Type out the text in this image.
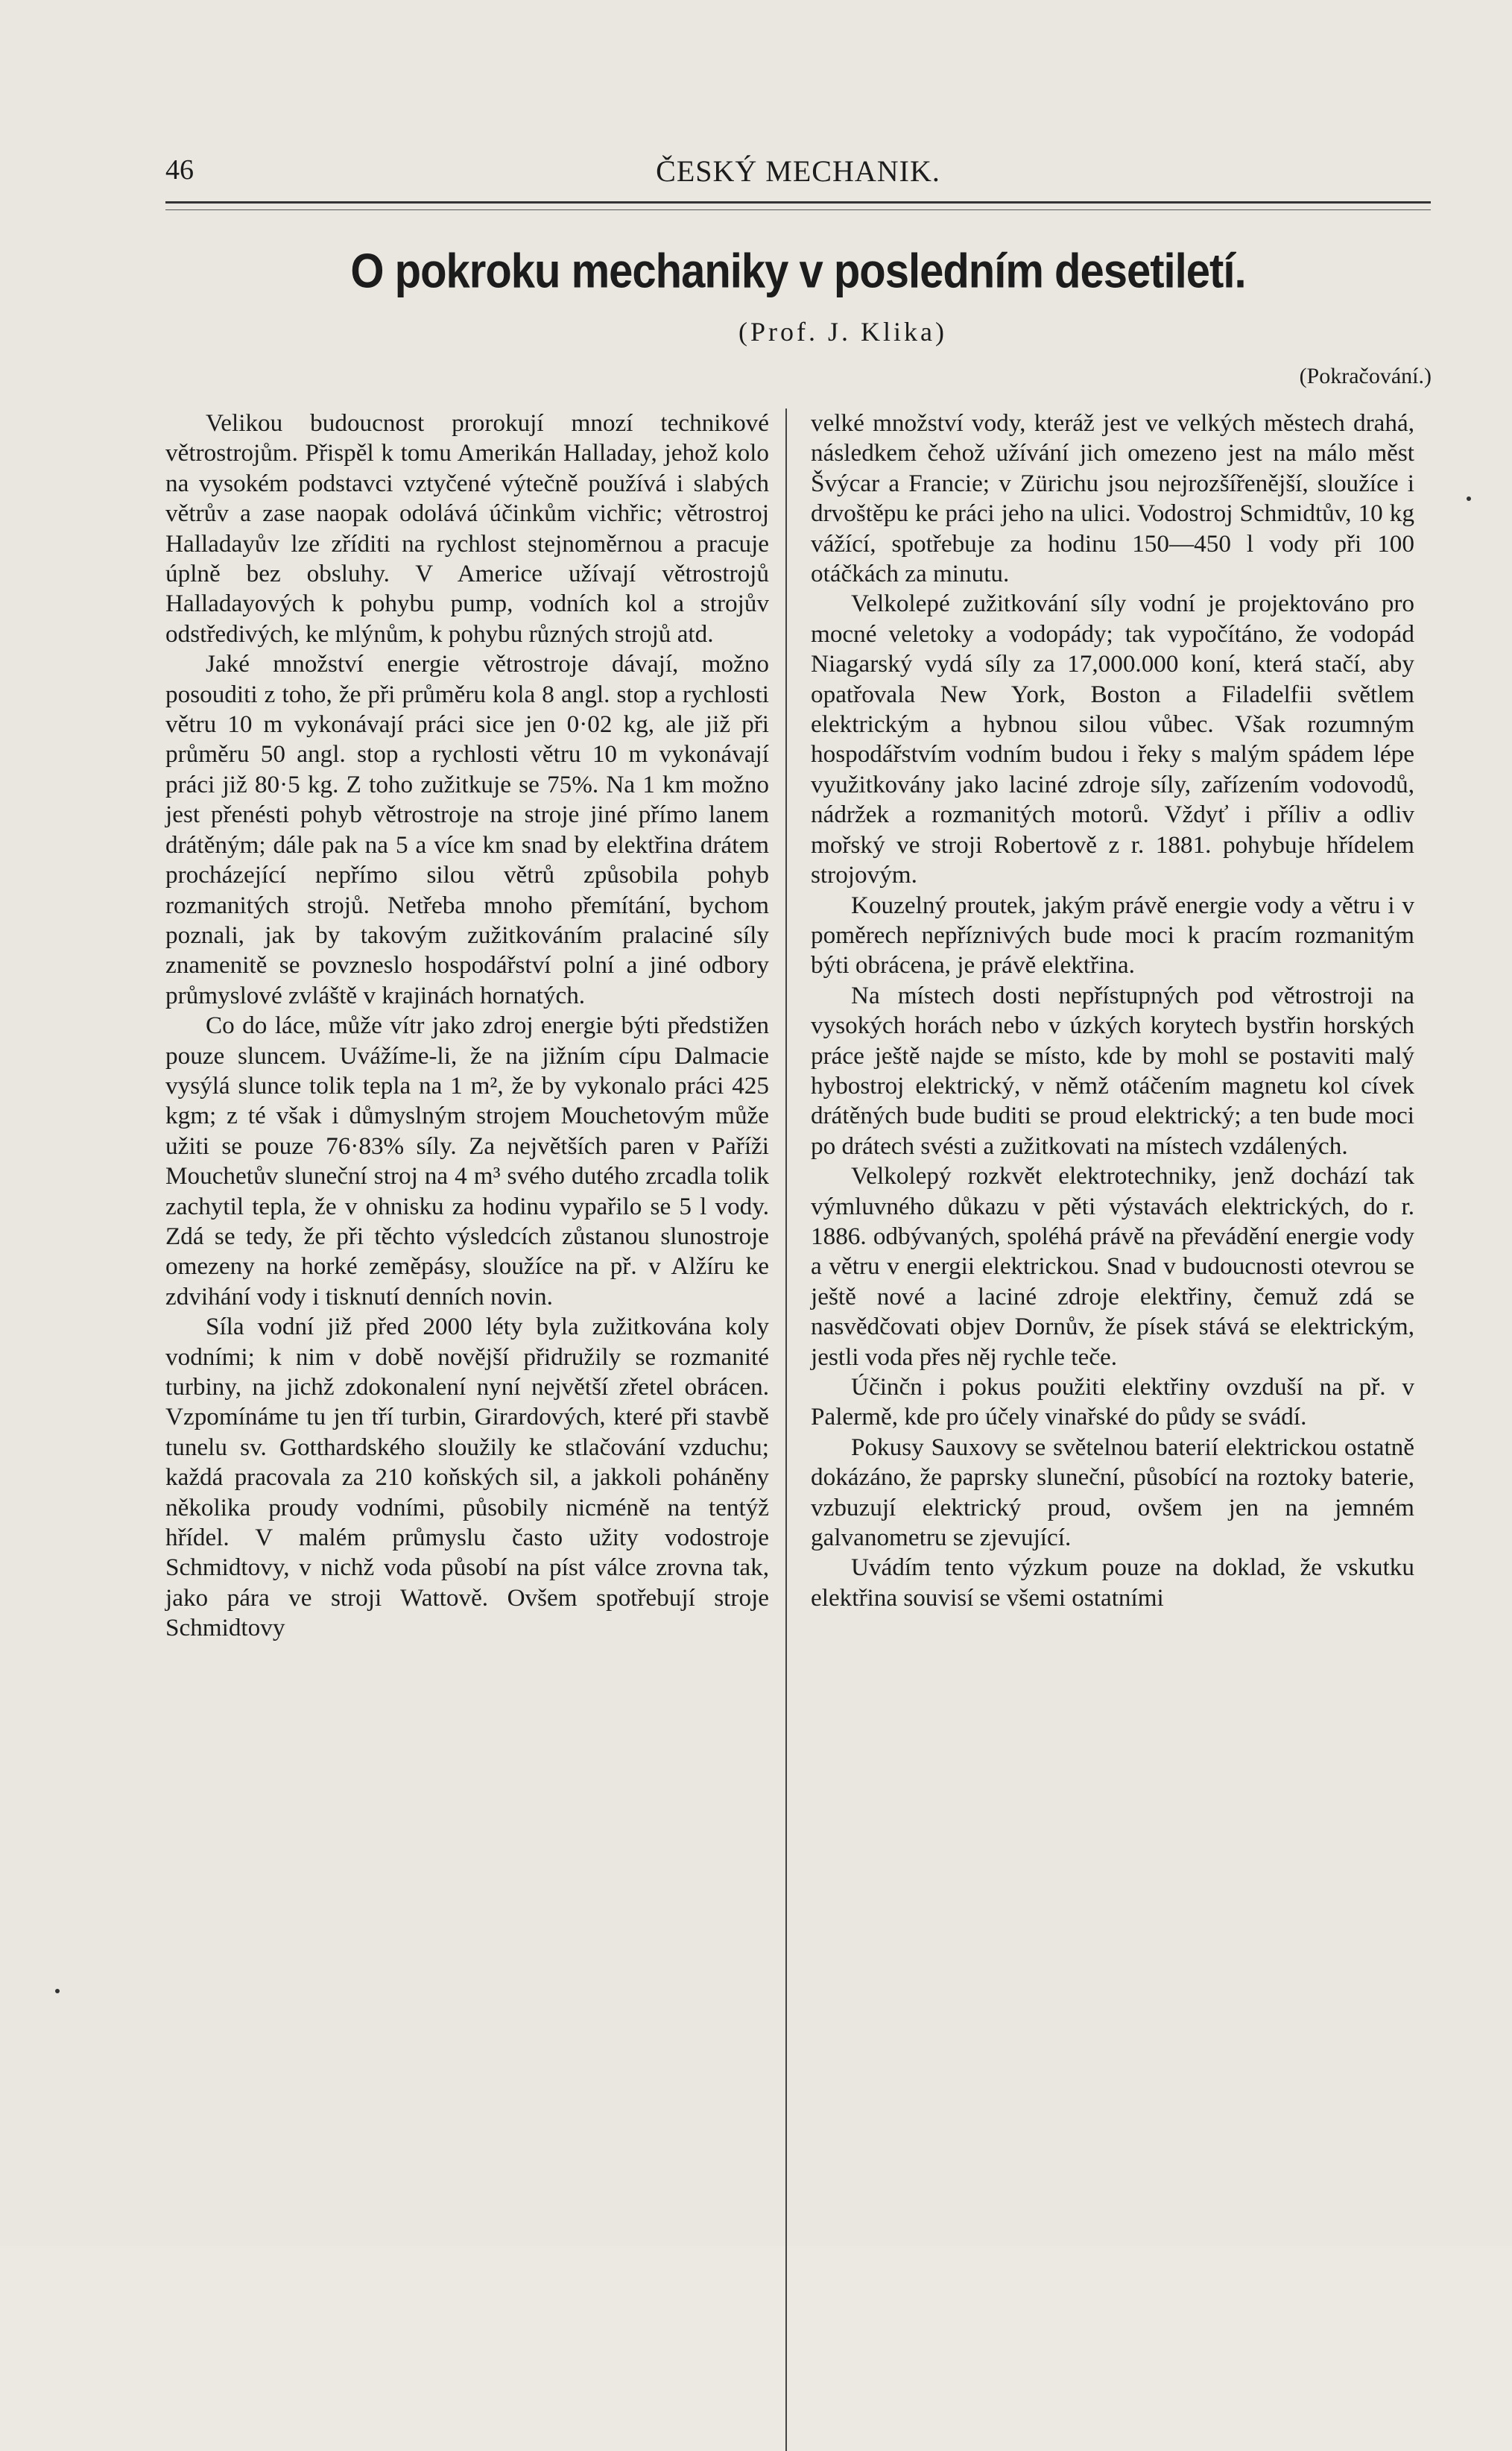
46	ČESKÝ MECHANIK.
O pokroku mechaniky v posledním desetiletí.
(Prof. J. Klika)
(Pokračování.)

Velikou budoucnost prorokují mnozí technikové větrostrojům. Přispěl k tomu Amerikán Halladay, jehož kolo na vysokém podstavci vztyčené výtečně používá i slabých větrův a zase naopak odolává účinkům vichřic; větrostroj Halladayův lze zříditi na rychlost stejnoměrnou a pracuje úplně bez obsluhy. V Americe užívají větrostrojů Halladayových k pohybu pump, vodních kol a strojův odstředivých, ke mlýnům, k pohybu různých strojů atd.

Jaké množství energie větrostroje dávají, možno posouditi z toho, že při průměru kola 8 angl. stop a rychlosti větru 10 m vykonávají práci sice jen 0·02 kg, ale již při průměru 50 angl. stop a rychlosti větru 10 m vykonávají práci již 80·5 kg. Z toho zužitkuje se 75%. Na 1 km možno jest přenésti pohyb větrostroje na stroje jiné přímo lanem drátěným; dále pak na 5 a více km snad by elektřina drátem procházející nepřímo silou větrů způsobila pohyb rozmanitých strojů. Netřeba mnoho přemítání, bychom poznali, jak by takovým zužitkováním pralaciné síly znamenitě se povzneslo hospodářství polní a jiné odbory průmyslové zvláště v krajinách hornatých.

Co do láce, může vítr jako zdroj energie býti předstižen pouze sluncem. Uvážíme-li, že na jižním cípu Dalmacie vysýlá slunce tolik tepla na 1 m², že by vykonalo práci 425 kgm; z té však i důmyslným strojem Mouchetovým může užiti se pouze 76·83% síly. Za největších paren v Paříži Mouchetův sluneční stroj na 4 m³ svého dutého zrcadla tolik zachytil tepla, že v ohnisku za hodinu vypařilo se 5 l vody. Zdá se tedy, že při těchto výsledcích zůstanou slunostroje omezeny na horké zeměpásy, sloužíce na př. v Alžíru ke zdvihání vody i tisknutí denních novin.

Síla vodní již před 2000 léty byla zužitkována koly vodními; k nim v době novější přidružily se rozmanité turbiny, na jichž zdokonalení nyní největší zřetel obrácen. Vzpomínáme tu jen tří turbin, Girardových, které při stavbě tunelu sv. Gotthardského sloužily ke stlačování vzduchu; každá pracovala za 210 koňských sil, a jakkoli poháněny několika proudy vodními, působily nicméně na tentýž hřídel. V malém průmyslu často užity vodostroje Schmidtovy, v nichž voda působí na píst válce zrovna tak, jako pára ve stroji Wattově. Ovšem spotřebují stroje Schmidtovy

velké množství vody, kteráž jest ve velkých městech drahá, následkem čehož užívání jich omezeno jest na málo měst Švýcar a Francie; v Zürichu jsou nejrozšířenější, sloužíce i drvoštěpu ke práci jeho na ulici. Vodostroj Schmidtův, 10 kg vážící, spotřebuje za hodinu 150—450 l vody při 100 otáčkách za minutu.

Velkolepé zužitkování síly vodní je projektováno pro mocné veletoky a vodopády; tak vypočítáno, že vodopád Niagarský vydá síly za 17,000.000 koní, která stačí, aby opatřovala New York, Boston a Filadelfii světlem elektrickým a hybnou silou vůbec. Však rozumným hospodářstvím vodním budou i řeky s malým spádem lépe využitkovány jako laciné zdroje síly, zařízením vodovodů, nádržek a rozmanitých motorů. Vždyť i příliv a odliv mořský ve stroji Robertově z r. 1881. pohybuje hřídelem strojovým.

Kouzelný proutek, jakým právě energie vody a větru i v poměrech nepříznivých bude moci k pracím rozmanitým býti obrácena, je právě elektřina.

Na místech dosti nepřístupných pod větrostroji na vysokých horách nebo v úzkých korytech bystřin horských práce ještě najde se místo, kde by mohl se postaviti malý hybostroj elektrický, v němž otáčením magnetu kol cívek drátěných bude buditi se proud elektrický; a ten bude moci po drátech svésti a zužitkovati na místech vzdálených.

Velkolepý rozkvět elektrotechniky, jenž dochází tak výmluvného důkazu v pěti výstavách elektrických, do r. 1886. odbývaných, spoléhá právě na převádění energie vody a větru v energii elektrickou. Snad v budoucnosti otevrou se ještě nové a laciné zdroje elektřiny, čemuž zdá se nasvědčovati objev Dornův, že písek stává se elektrickým, jestli voda přes něj rychle teče.

Účinčn i pokus použiti elektřiny ovzduší na př. v Palermě, kde pro účely vinařské do půdy se svádí.

Pokusy Sauxovy se světelnou baterií elektrickou ostatně dokázáno, že paprsky sluneční, působící na roztoky baterie, vzbuzují elektrický proud, ovšem jen na jemném galvanometru se zjevující.

Uvádím tento výzkum pouze na doklad, že vskutku elektřina souvisí se všemi ostatními
